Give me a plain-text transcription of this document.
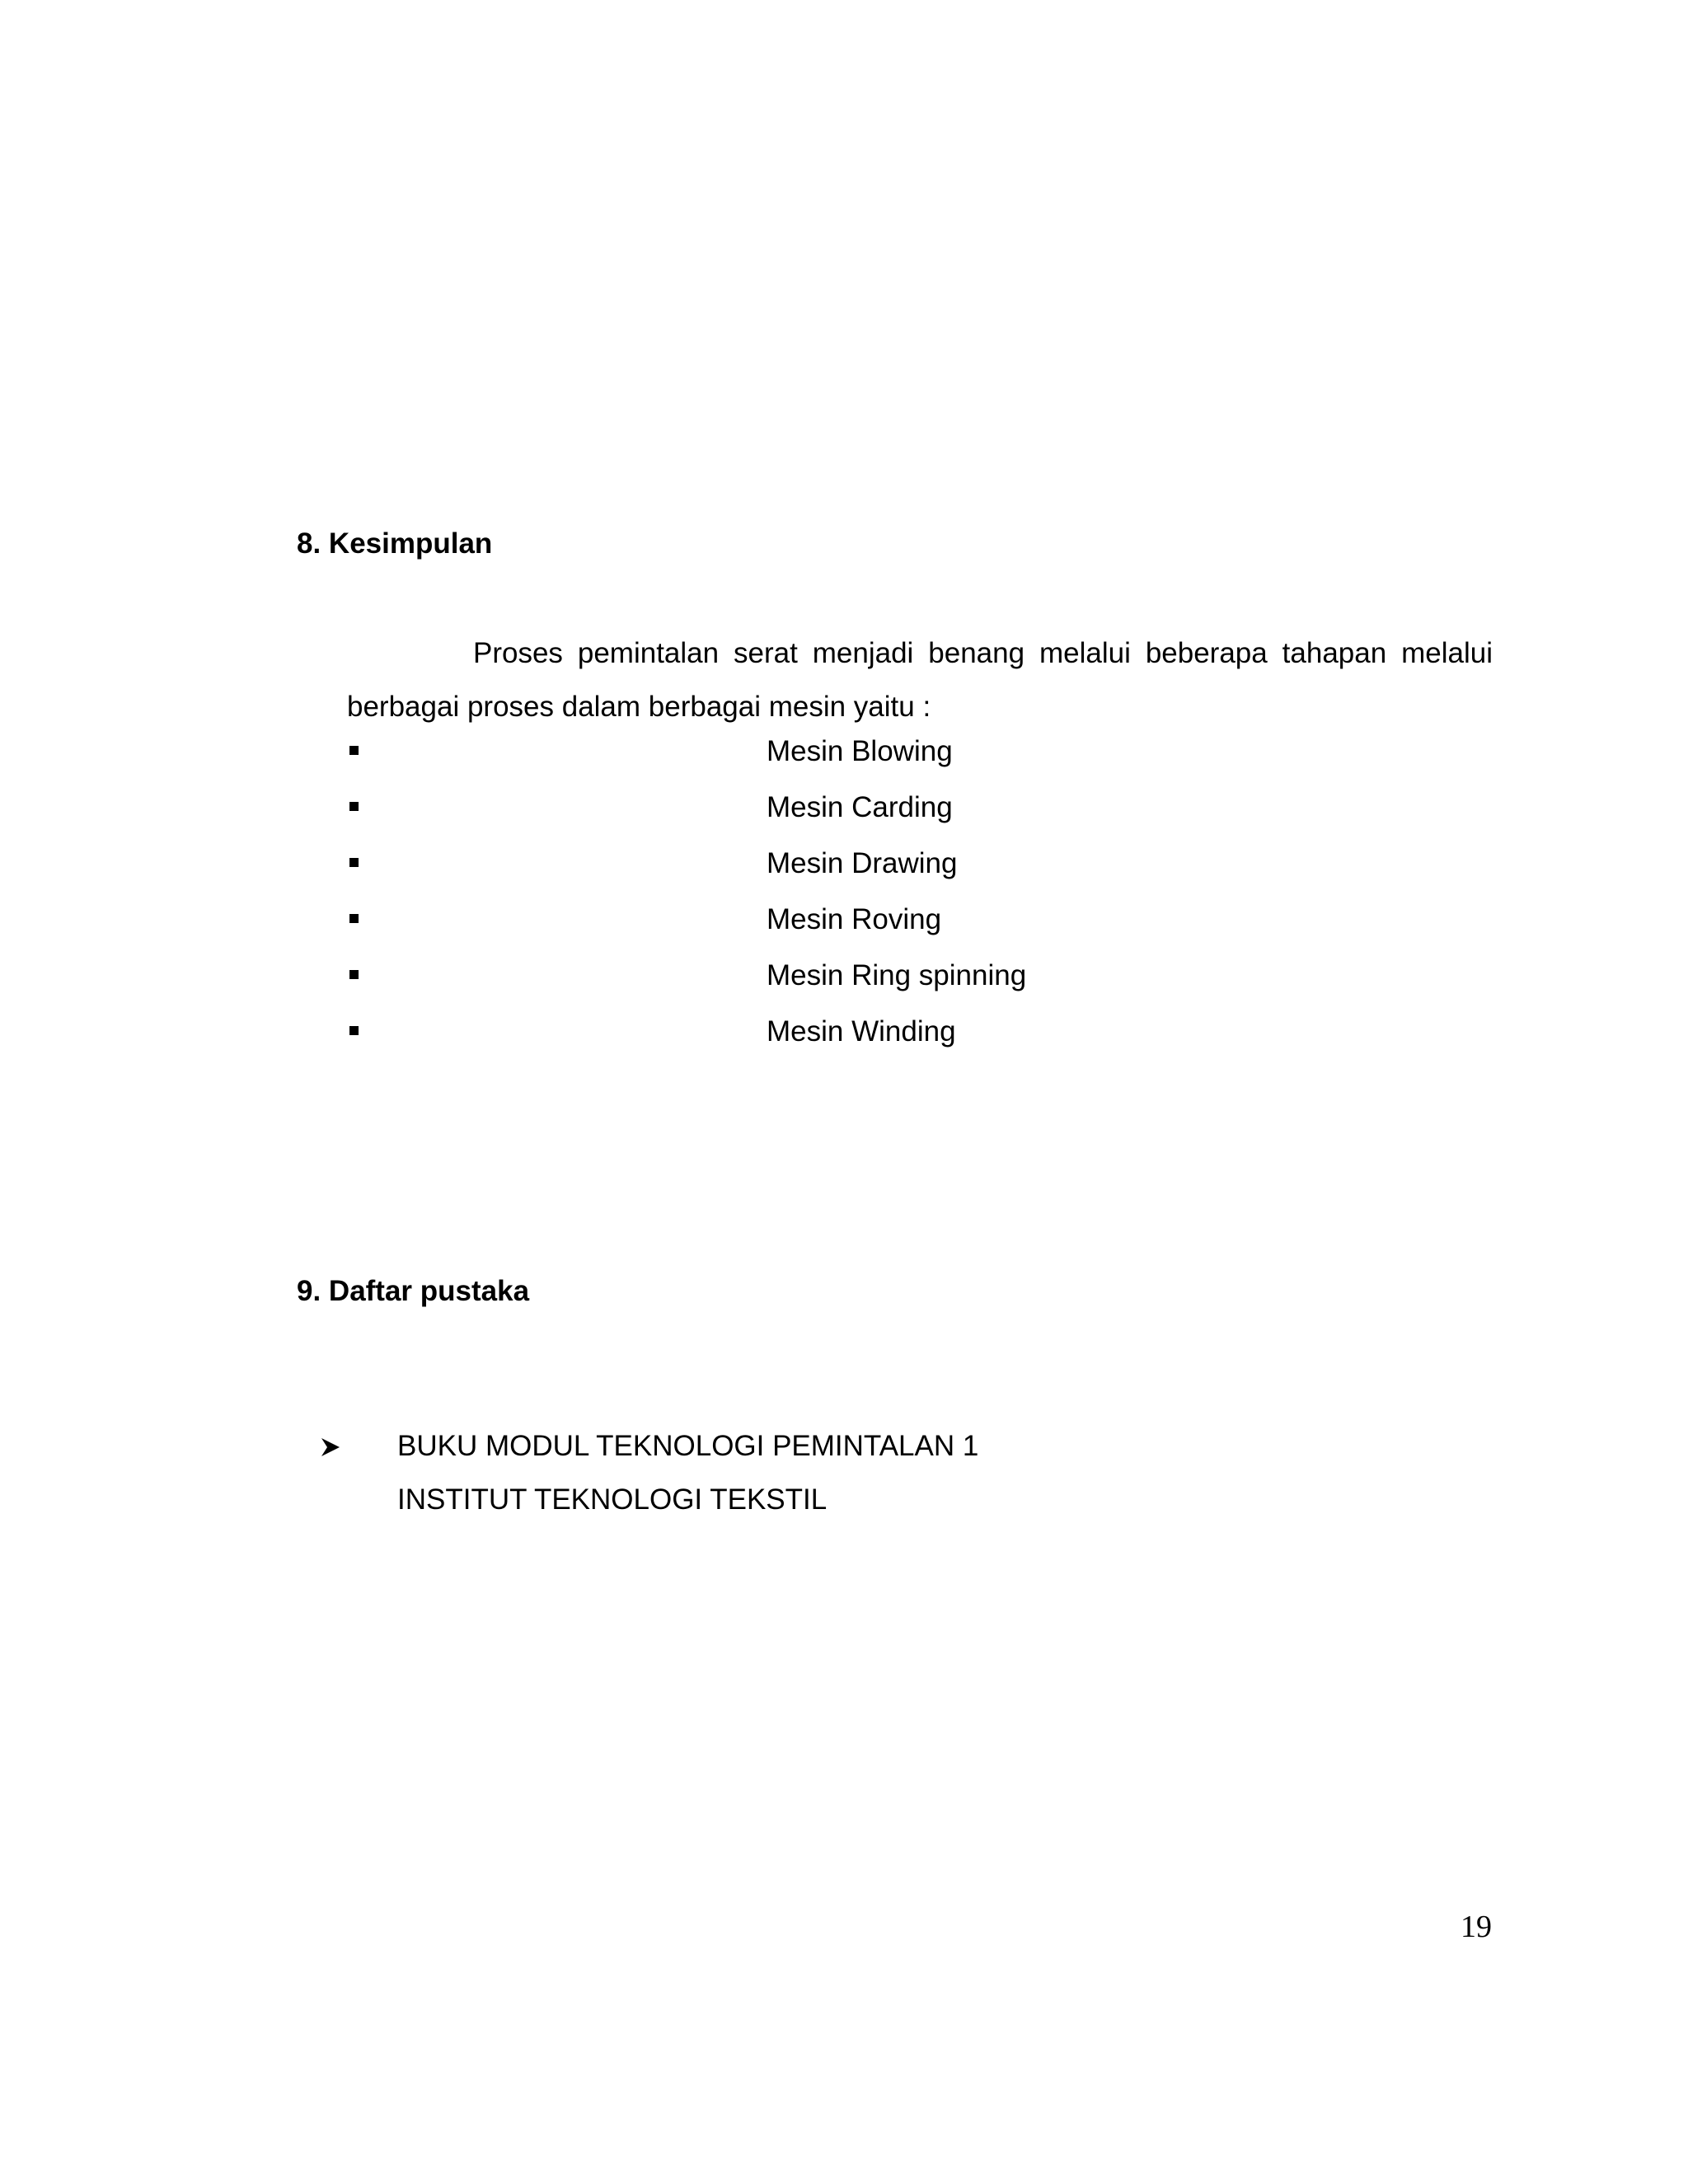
8. Kesimpulan

Proses pemintalan serat menjadi benang melalui beberapa tahapan melalui berbagai proses dalam berbagai mesin yaitu :

Mesin Blowing
Mesin Carding
Mesin Drawing
Mesin Roving
Mesin Ring spinning
Mesin Winding
9. Daftar pustaka
BUKU MODUL TEKNOLOGI PEMINTALAN 1
INSTITUT TEKNOLOGI TEKSTIL
19
